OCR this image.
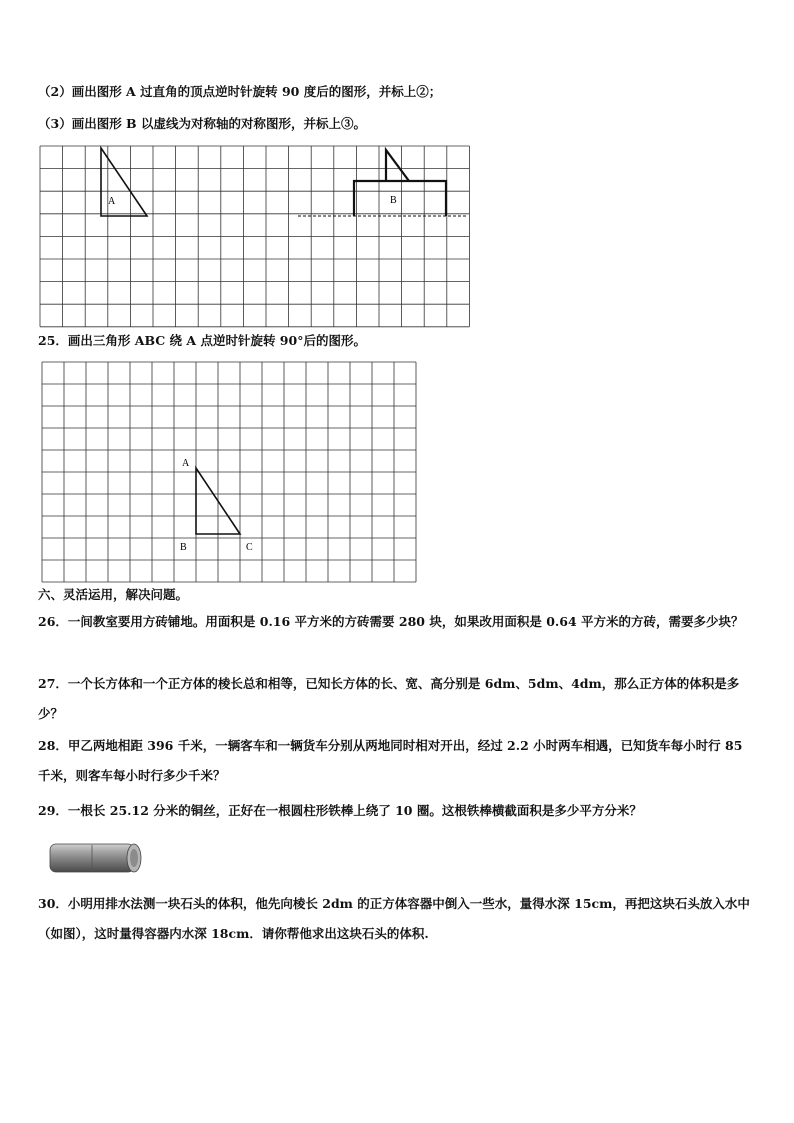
（2）画出图形 A 过直角的顶点逆时针旋转 90 度后的图形，并标上②；
（3）画出图形 B 以虚线为对称轴的对称图形，并标上③。
A	B
25．画出三角形 ABC 绕 A 点逆时针旋转 90°后的图形。
A
B	C
六、灵活运用，解决问题。
26．一间教室要用方砖铺地。用面积是 0.16 平方米的方砖需要 280 块，如果改用面积是 0.64 平方米的方砖，需要多少块？
27．一个长方体和一个正方体的棱长总和相等，已知长方体的长、宽、高分别是 6dm、5dm、4dm，那么正方体的体积是多少？
28．甲乙两地相距 396 千米，一辆客车和一辆货车分别从两地同时相对开出，经过 2.2 小时两车相遇，已知货车每小时行 85 千米，则客车每小时行多少千米？
29．一根长 25.12 分米的铜丝，正好在一根圆柱形铁棒上绕了 10 圈。这根铁棒横截面积是多少平方分米？
30．小明用排水法测一块石头的体积，他先向棱长 2dm 的正方体容器中倒入一些水，量得水深 15cm，再把这块石头放入水中（如图），这时量得容器内水深 18cm．请你帮他求出这块石头的体积.
